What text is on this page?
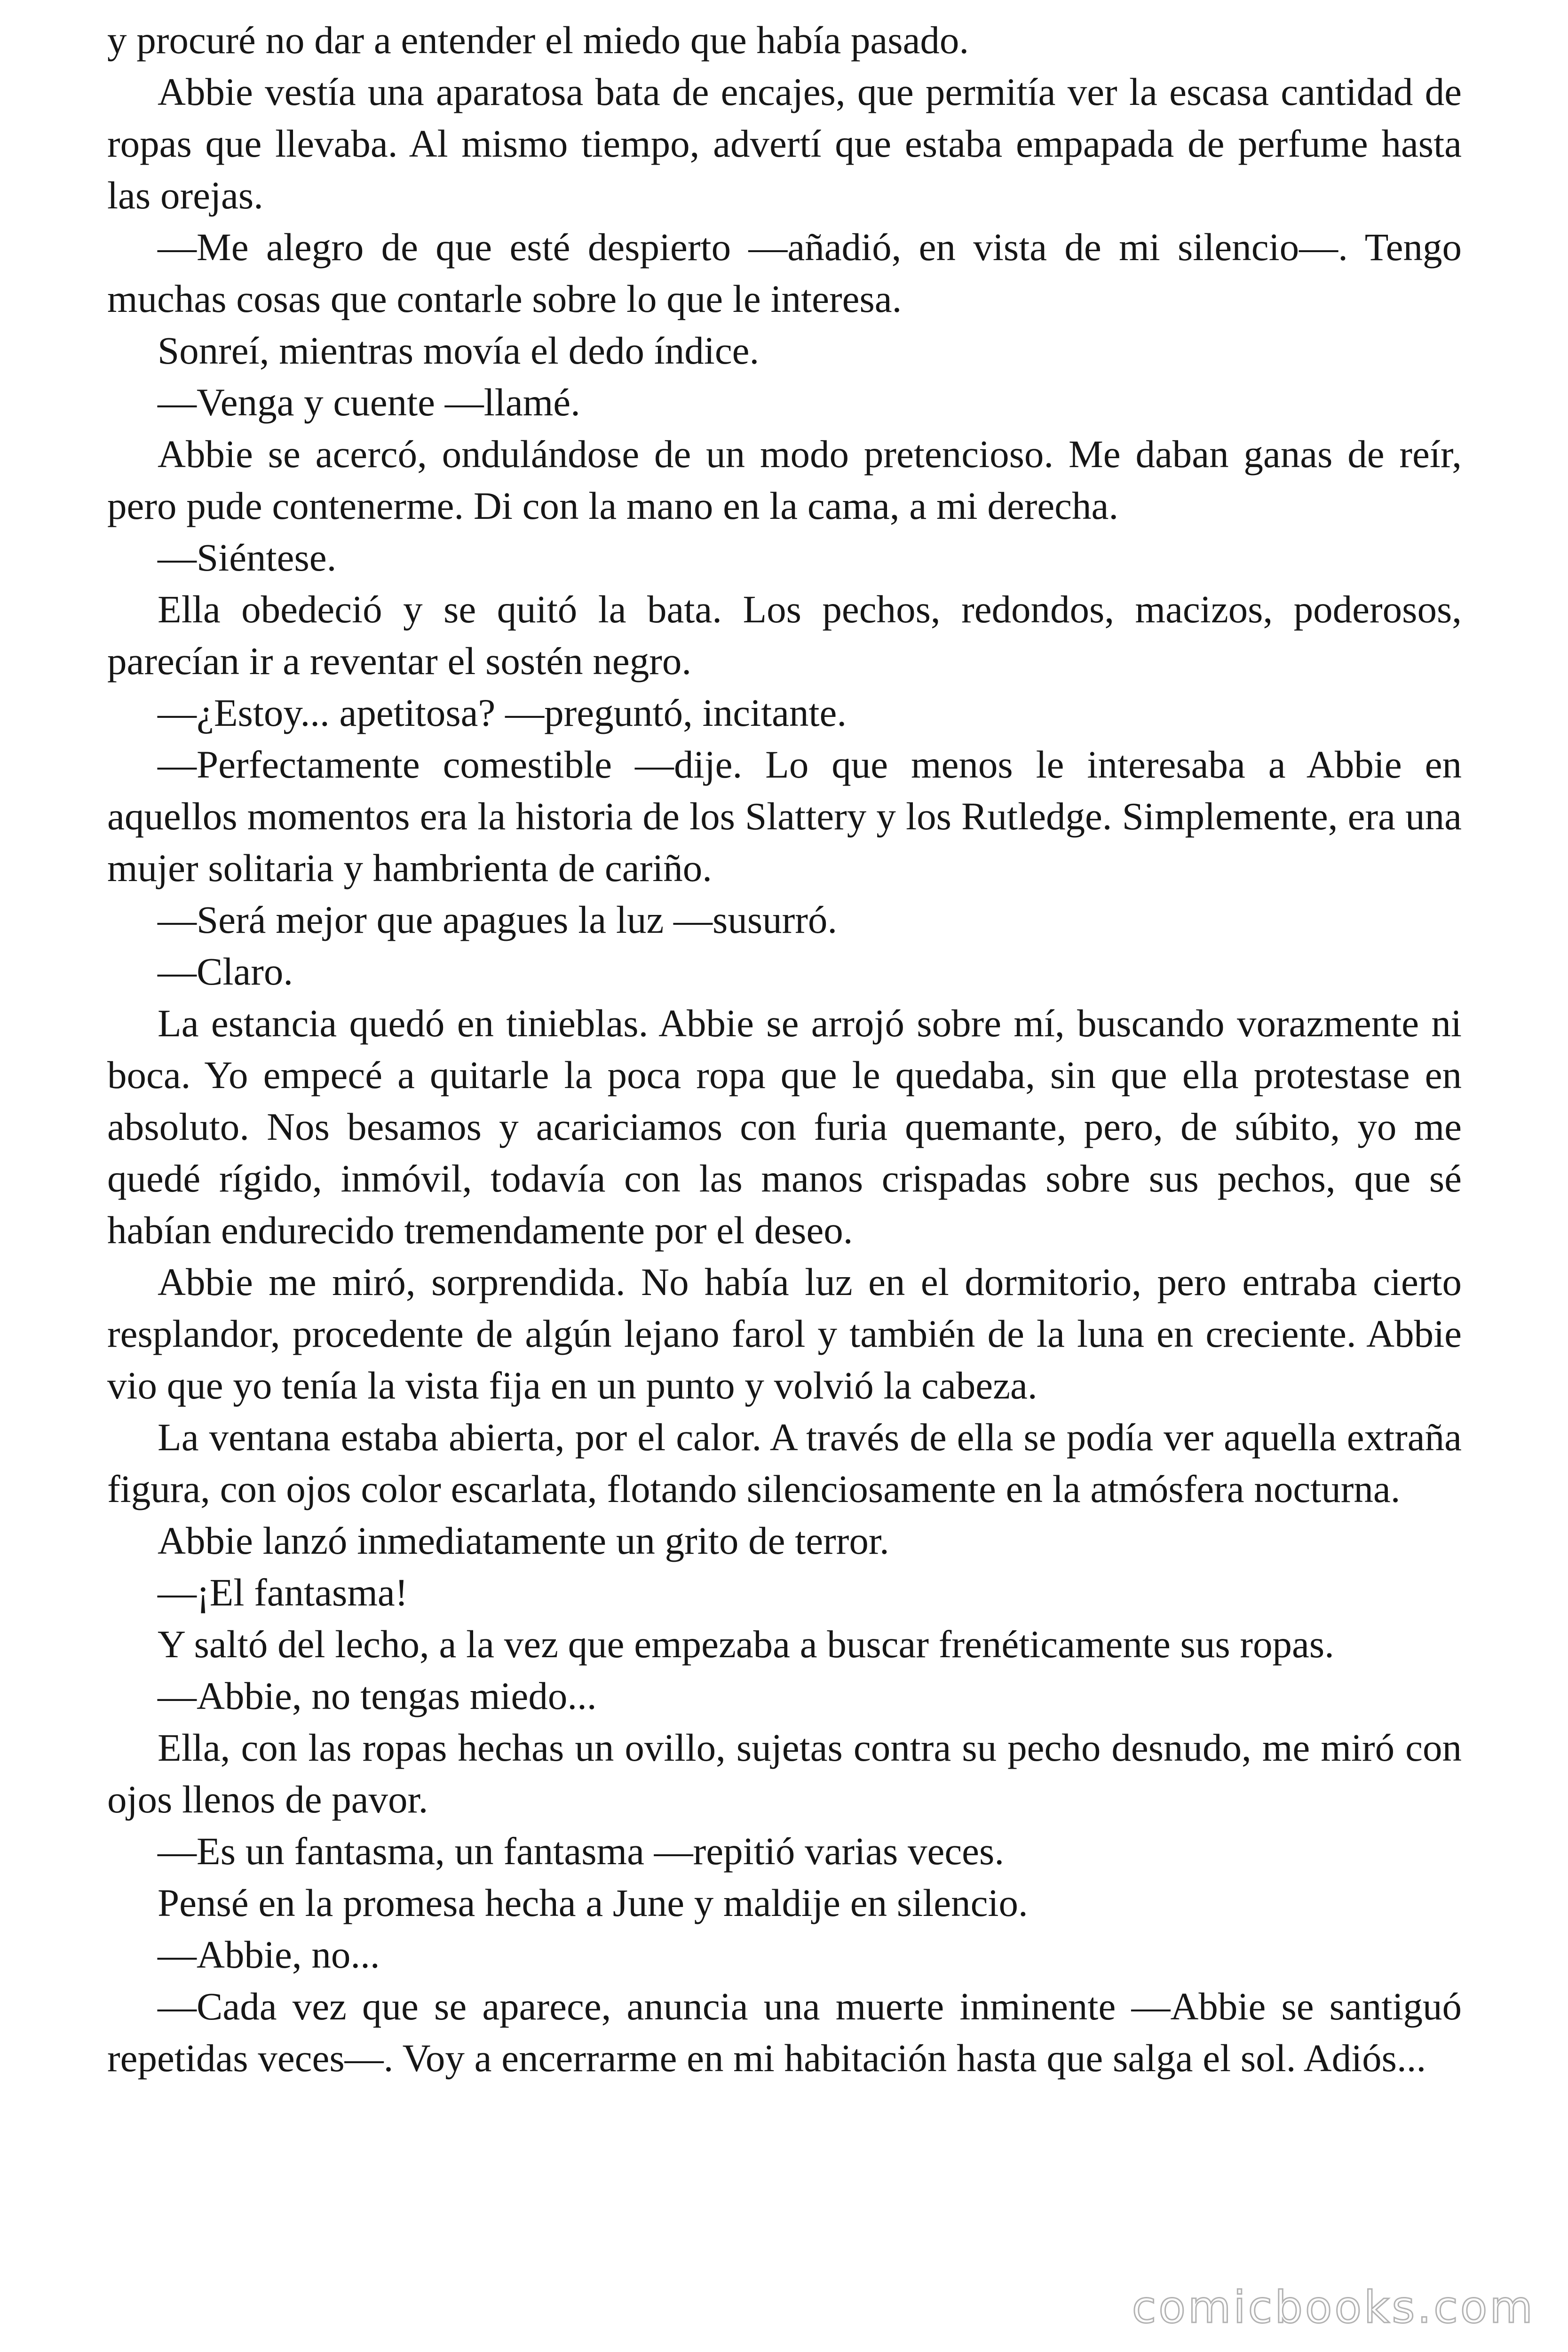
y procuré no dar a entender el miedo que había pasado.

Abbie vestía una aparatosa bata de encajes, que permitía ver la escasa cantidad de ropas que llevaba. Al mismo tiempo, advertí que estaba empapada de perfume hasta las orejas.

—Me alegro de que esté despierto —añadió, en vista de mi silencio—. Tengo muchas cosas que contarle sobre lo que le interesa.

Sonreí, mientras movía el dedo índice.

—Venga y cuente —llamé.

Abbie se acercó, ondulándose de un modo pretencioso. Me daban ganas de reír, pero pude contenerme. Di con la mano en la cama, a mi derecha.

—Siéntese.

Ella obedeció y se quitó la bata. Los pechos, redondos, macizos, poderosos, parecían ir a reventar el sostén negro.

—¿Estoy... apetitosa? —preguntó, incitante.

—Perfectamente comestible —dije. Lo que menos le interesaba a Abbie en aquellos momentos era la historia de los Slattery y los Rutledge. Simplemente, era una mujer solitaria y hambrienta de cariño.

—Será mejor que apagues la luz —susurró.

—Claro.

La estancia quedó en tinieblas. Abbie se arrojó sobre mí, buscando vorazmente ni boca. Yo empecé a quitarle la poca ropa que le quedaba, sin que ella protestase en absoluto. Nos besamos y acariciamos con furia quemante, pero, de súbito, yo me quedé rígido, inmóvil, todavía con las manos crispadas sobre sus pechos, que sé habían endurecido tremendamente por el deseo.

Abbie me miró, sorprendida. No había luz en el dormitorio, pero entraba cierto resplandor, procedente de algún lejano farol y también de la luna en creciente. Abbie vio que yo tenía la vista fija en un punto y volvió la cabeza.

La ventana estaba abierta, por el calor. A través de ella se podía ver aquella extraña figura, con ojos color escarlata, flotando silenciosamente en la atmósfera nocturna.

Abbie lanzó inmediatamente un grito de terror.

—¡El fantasma!

Y saltó del lecho, a la vez que empezaba a buscar frenéticamente sus ropas.

—Abbie, no tengas miedo...

Ella, con las ropas hechas un ovillo, sujetas contra su pecho desnudo, me miró con ojos llenos de pavor.

—Es un fantasma, un fantasma —repitió varias veces.

Pensé en la promesa hecha a June y maldije en silencio.

—Abbie, no...

—Cada vez que se aparece, anuncia una muerte inminente —Abbie se santiguó repetidas veces—. Voy a encerrarme en mi habitación hasta que salga el sol. Adiós...

comicbooks.com
